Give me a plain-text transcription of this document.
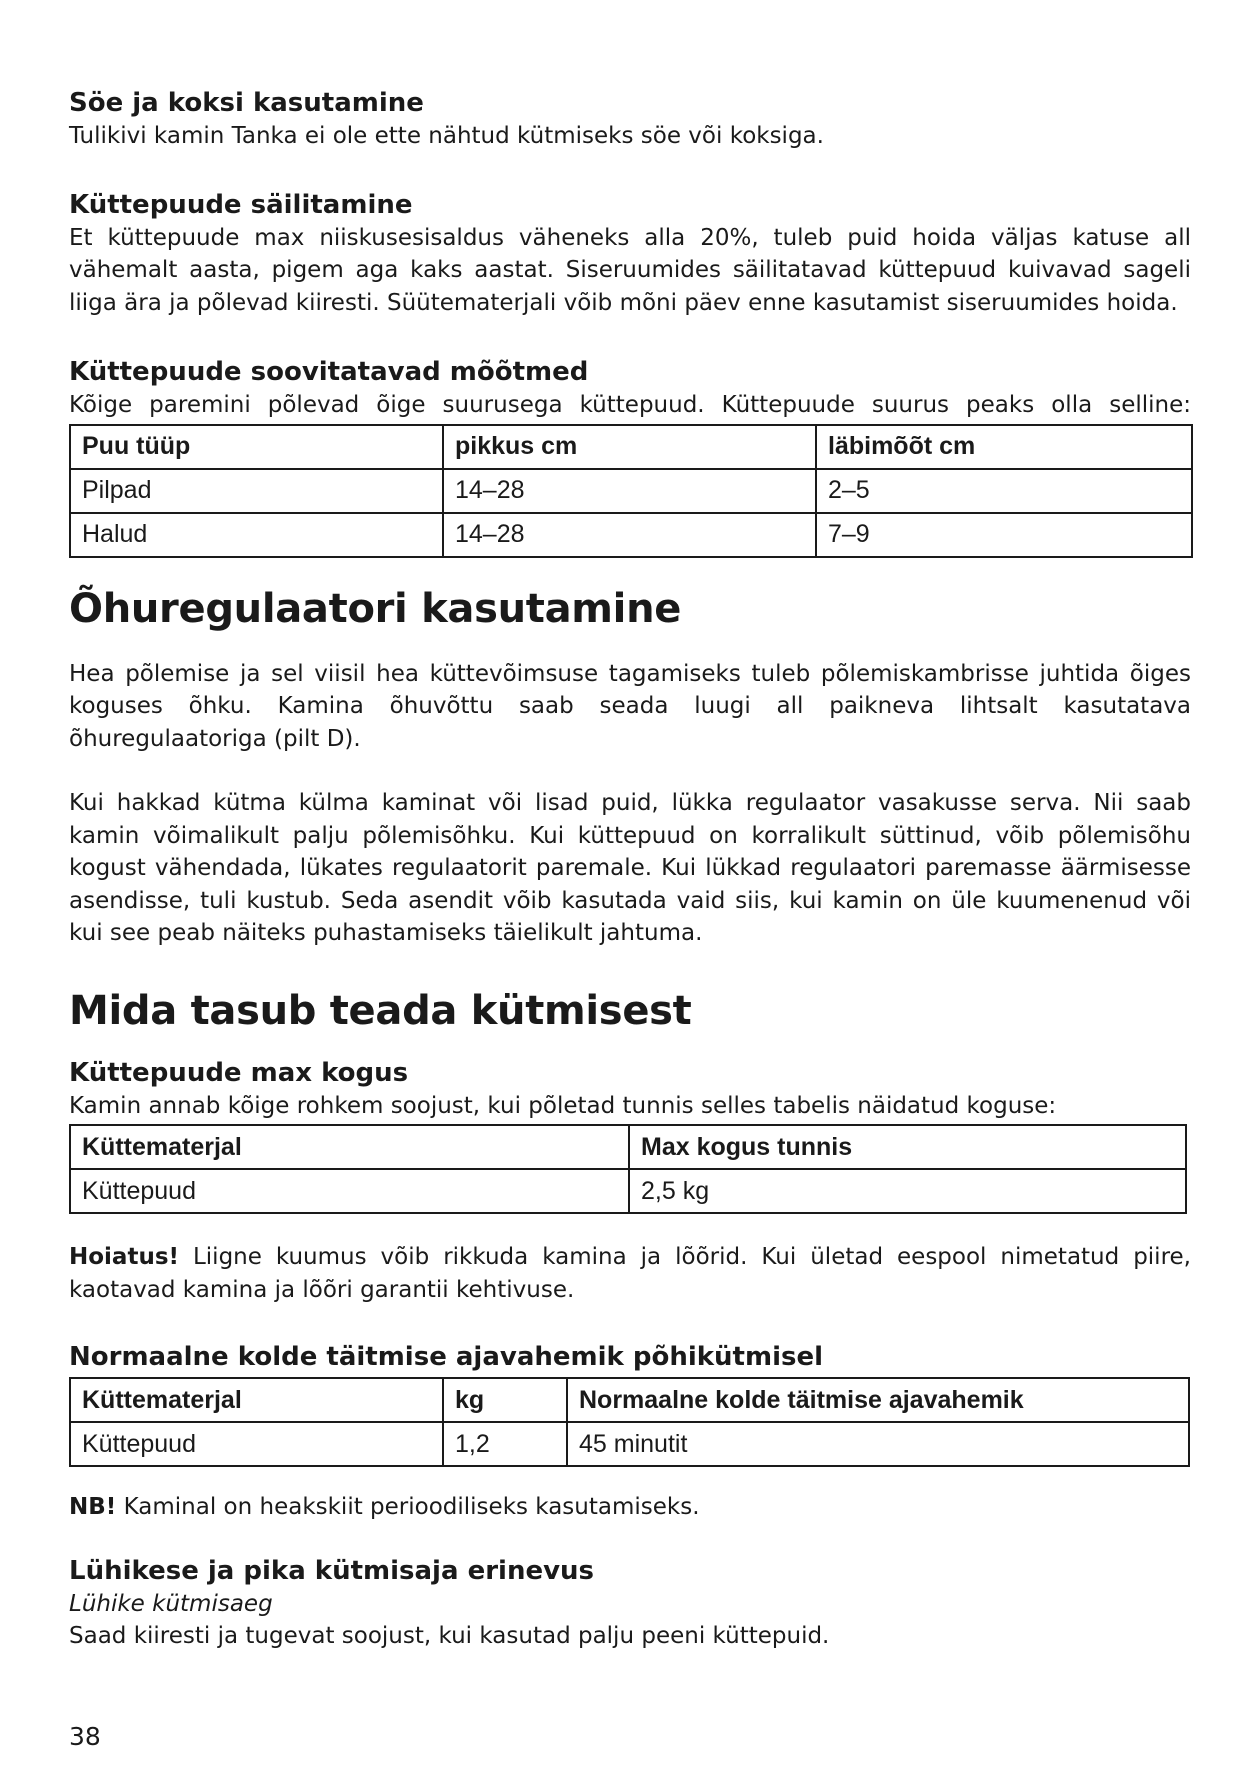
Söe ja koksi kasutamine

Tulikivi kamin Tanka ei ole ette nähtud kütmiseks söe või koksiga.

Küttepuude säilitamine

Et küttepuude max niiskusesisaldus väheneks alla 20%, tuleb puid hoida väljas katuse all vähemalt aasta, pigem aga kaks aastat. Siseruumides säilitatavad küttepuud kuivavad sageli liiga ära ja põlevad kiiresti. Süütematerjali võib mõni päev enne kasutamist siseruumides hoida.

Küttepuude soovitatavad mõõtmed

Kõige paremini põlevad õige suurusega küttepuud. Küttepuude suurus peaks olla selline:

Puu tüüp	pikkus cm	läbimõõt cm
Pilpad	14–28	2–5
Halud	14–28	7–9
Õhuregulaatori kasutamine

Hea põlemise ja sel viisil hea küttevõimsuse tagamiseks tuleb põlemiskambrisse juhtida õiges koguses õhku. Kamina õhuvõttu saab seada luugi all paikneva lihtsalt kasutatava õhuregulaatoriga (pilt D).

Kui hakkad kütma külma kaminat või lisad puid, lükka regulaator vasakusse serva. Nii saab kamin võimalikult palju põlemisõhku. Kui küttepuud on korralikult süttinud, võib põlemisõhu kogust vähendada, lükates regulaatorit paremale. Kui lükkad regulaatori paremasse äärmisesse asendisse, tuli kustub. Seda asendit võib kasutada vaid siis, kui kamin on üle kuumenenud või kui see peab näiteks puhastamiseks täielikult jahtuma.

Mida tasub teada kütmisest
Küttepuude max kogus

Kamin annab kõige rohkem soojust, kui põletad tunnis selles tabelis näidatud koguse:

Küttematerjal	Max kogus tunnis
Küttepuud	2,5 kg

Hoiatus! Liigne kuumus võib rikkuda kamina ja lõõrid. Kui ületad eespool nimetatud piire, kaotavad kamina ja lõõri garantii kehtivuse.

Normaalne kolde täitmise ajavahemik põhikütmisel
Küttematerjal	kg	Normaalne kolde täitmise ajavahemik
Küttepuud	1,2	45 minutit

NB! Kaminal on heakskiit perioodiliseks kasutamiseks.

Lühikese ja pika kütmisaja erinevus

Lühike kütmisaeg

Saad kiiresti ja tugevat soojust, kui kasutad palju peeni küttepuid.

38
